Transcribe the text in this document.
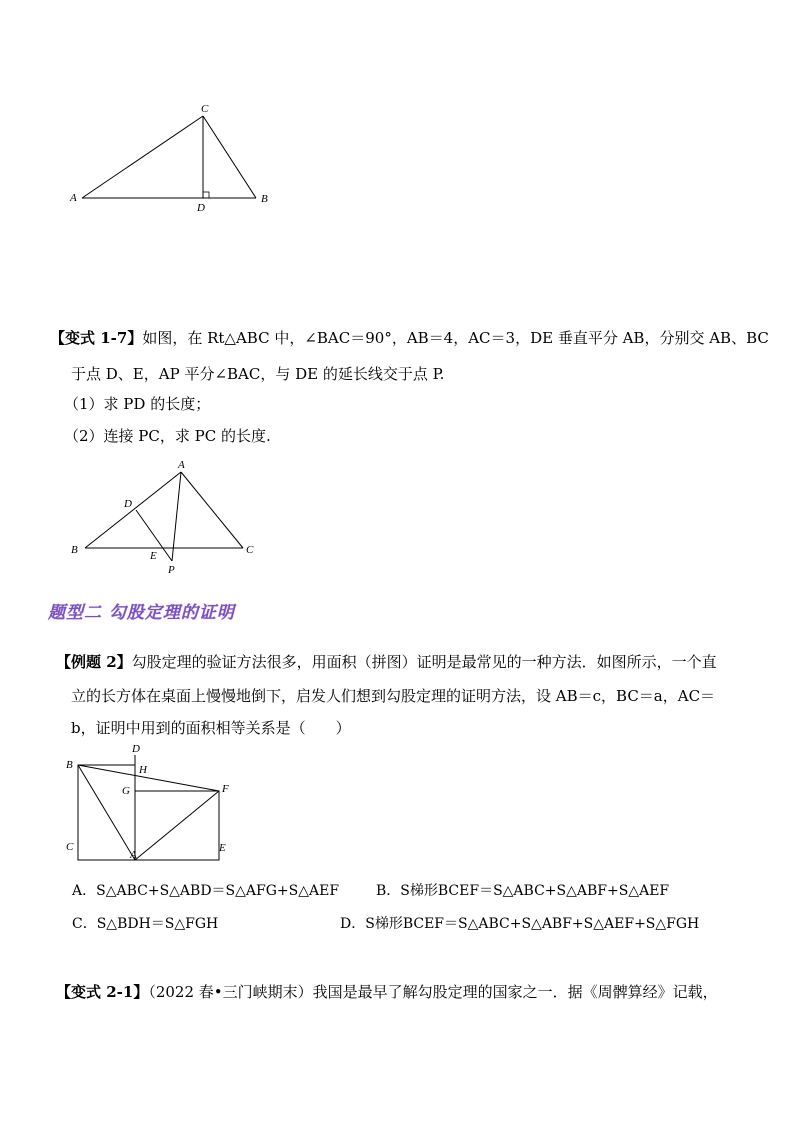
A
C
D
B
【变式 1-7】如图，在 Rt△ABC 中，∠BAC＝90°，AB＝4，AC＝3，DE 垂直平分 AB，分别交 AB、BC
于点 D、E，AP 平分∠BAC，与 DE 的延长线交于点 P.
（1）求 PD 的长度；
（2）连接 PC，求 PC 的长度.
A
D
B	E
P
C
题型二 勾股定理的证明
【例题 2】勾股定理的验证方法很多，用面积（拼图）证明是最常见的一种方法．如图所示，一个直
立的长方体在桌面上慢慢地倒下，启发人们想到勾股定理的证明方法，设 AB＝c，BC＝a，AC＝
b，证明中用到的面积相等关系是（　　）
B
D
H
G	F
C
A
E
A．S△ABC+S△ABD＝S△AFG+S△AEF	B．S梯形BCEF＝S△ABC+S△ABF+S△AEF
C．S△BDH＝S△FGH	D．S梯形BCEF＝S△ABC+S△ABF+S△AEF+S△FGH
【变式 2-1】（2022 春•三门峡期末）我国是最早了解勾股定理的国家之一．据《周髀算经》记载，
